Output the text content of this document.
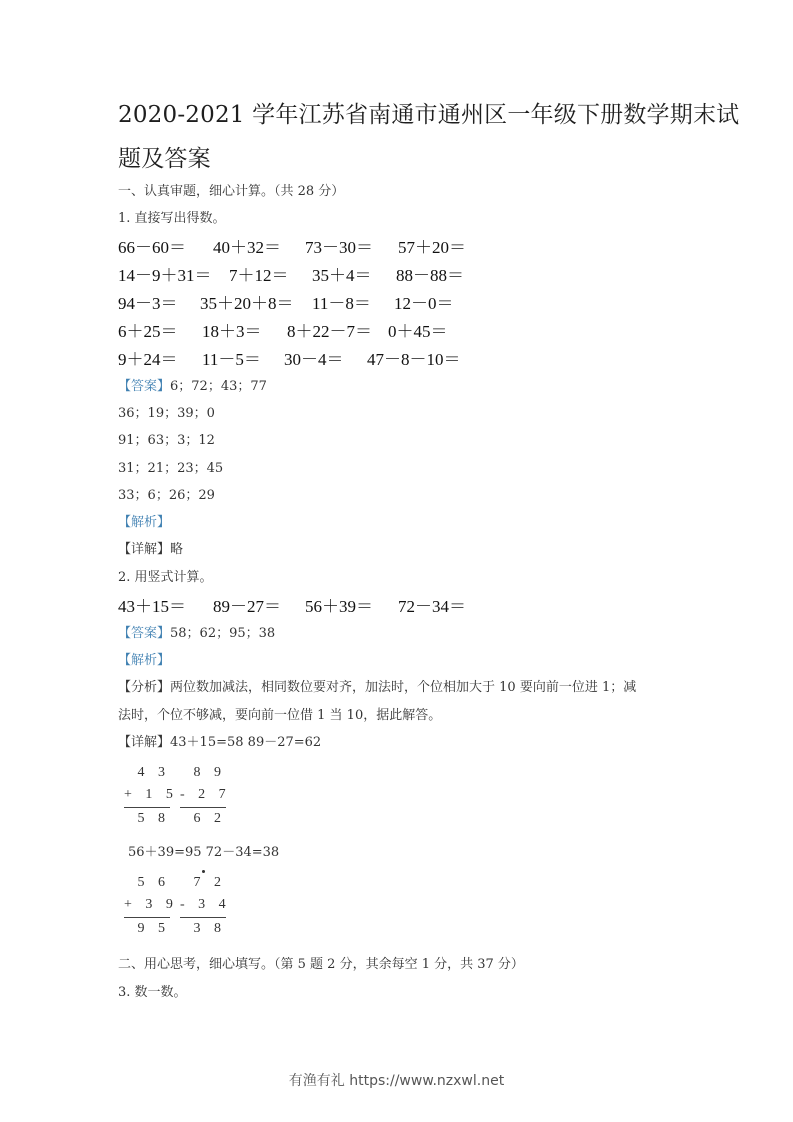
2020-2021 学年江苏省南通市通州区一年级下册数学期末试
题及答案
一、认真审题，细心计算。（共 28 分）
1. 直接写出得数。
66－60＝ 40＋32＝ 73－30＝ 57＋20＝
14－9＋31＝ 7＋12＝ 35＋4＝ 88－88＝
94－3＝ 35＋20＋8＝ 11－8＝ 12－0＝
6＋25＝ 18＋3＝ 8＋22－7＝ 0＋45＝
9＋24＝ 11－5＝ 30－4＝ 47－8－10＝
【答案】6；72；43；77
36；19；39；0
91；63；3；12
31；21；23；45
33；6；26；29
【解析】
【详解】略
2. 用竖式计算。
43＋15＝ 89－27＝ 56＋39＝ 72－34＝
【答案】58；62；95；38
【解析】
【分析】两位数加减法，相同数位要对齐，加法时，个位相加大于 10 要向前一位进 1；减
法时，个位不够减，要向前一位借 1 当 10，据此解答。
【详解】43＋15=58 89－27=62
4 3
+ 1 5
5 8
8 9
- 2 7
6 2
56＋39=95 72－34=38
5 6
+ 3 9
9 5
7 2
- 3 4
3 8
二、用心思考，细心填写。（第 5 题 2 分，其余每空 1 分，共 37 分）
3. 数一数。
有渔有礼 https://www.nzxwl.net
